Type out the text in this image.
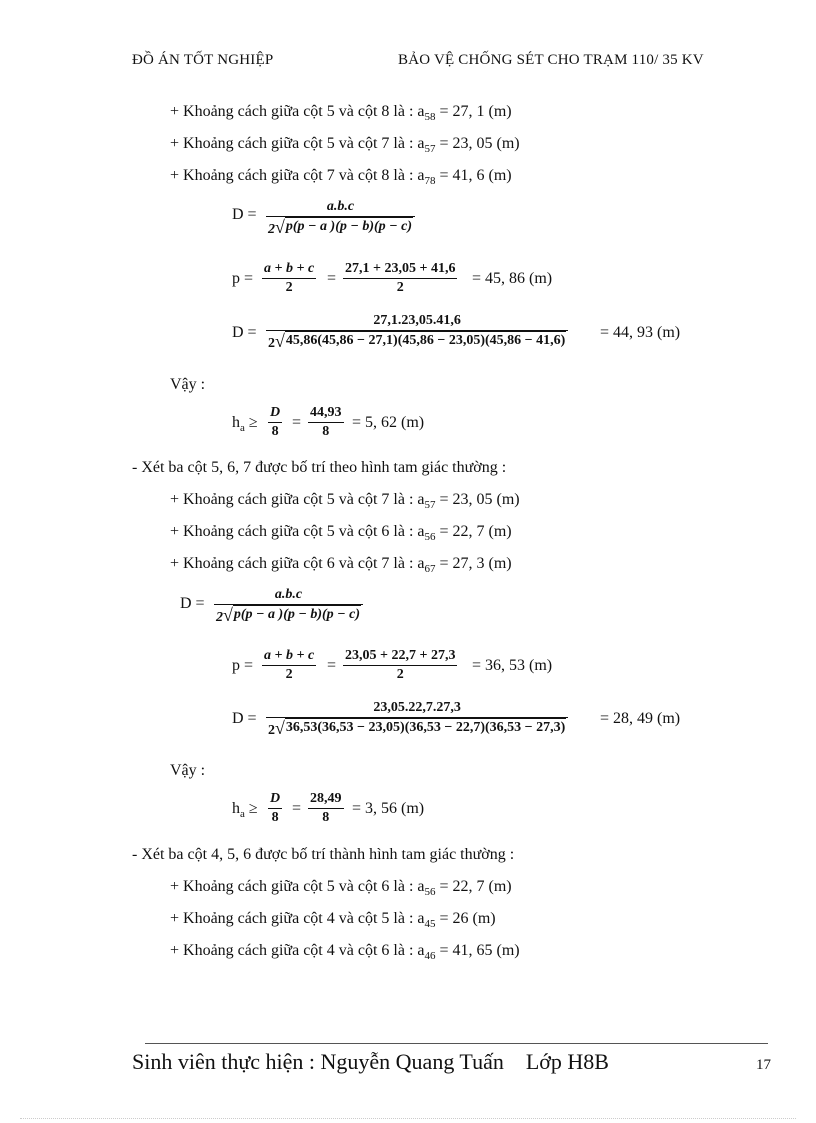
ĐỒ ÁN TỐT NGHIỆP	BẢO VỆ CHỐNG SÉT CHO TRẠM 110/ 35 KV
+ Khoảng cách giữa cột 5 và cột 8 là : $a_{58} = 27$, 1 (m)
+ Khoảng cách giữa cột 5 và cột 7 là : $a_{57} = 23$, 05 (m)
+ Khoảng cách giữa cột 7 và cột 8 là : $a_{78} = 41$, 6 (m)
D =	a.b.c
2 √ p(p − a )(p − b)(p − c)
p =
a + b + c
2
=
27,1 + 23,05 + 41,6
2
= 45, 86 (m)
D =
27,1.23,05.41,6
2 √ 45,86(45,86 − 27,1)(45,86 − 23,05)(45,86 − 41,6) = 44, 93 (m)
Vậy :
$h_a$ ≥
D
8
=
44,93
8
= 5, 62 (m)
- Xét ba cột 5, 6, 7 được bố trí theo hình tam giác thường :
+ Khoảng cách giữa cột 5 và cột 7 là : $a_{57} = 23$, 05 (m)
+ Khoảng cách giữa cột 5 và cột 6 là : $a_{56} = 22$, 7 (m)
+ Khoảng cách giữa cột 6 và cột 7 là : $a_{67} = 27$, 3 (m)
D =
a.b.c
2 √ p(p − a )(p − b)(p − c)
p =
a + b + c
2
=
23,05 + 22,7 + 27,3
2
= 36, 53 (m)
D =
23,05.22,7.27,3
2 √ 36,53(36,53 − 23,05)(36,53 − 22,7)(36,53 − 27,3)
= 28, 49 (m)
Vậy :
$h_a$ ≥
D
8
=
28,49
8
= 3, 56 (m)
- Xét ba cột 4, 5, 6 được bố trí thành hình tam giác thường :
+ Khoảng cách giữa cột 5 và cột 6 là : $a_{56} = 22$, 7 (m)
+ Khoảng cách giữa cột 4 và cột 5 là : $a_{45} = 26$ (m)
+ Khoảng cách giữa cột 4 và cột 6 là : $a_{46} = 41$, 65 (m)
Sinh viên thực hiện : Nguyễn Quang Tuấn    Lớp H8B	17
